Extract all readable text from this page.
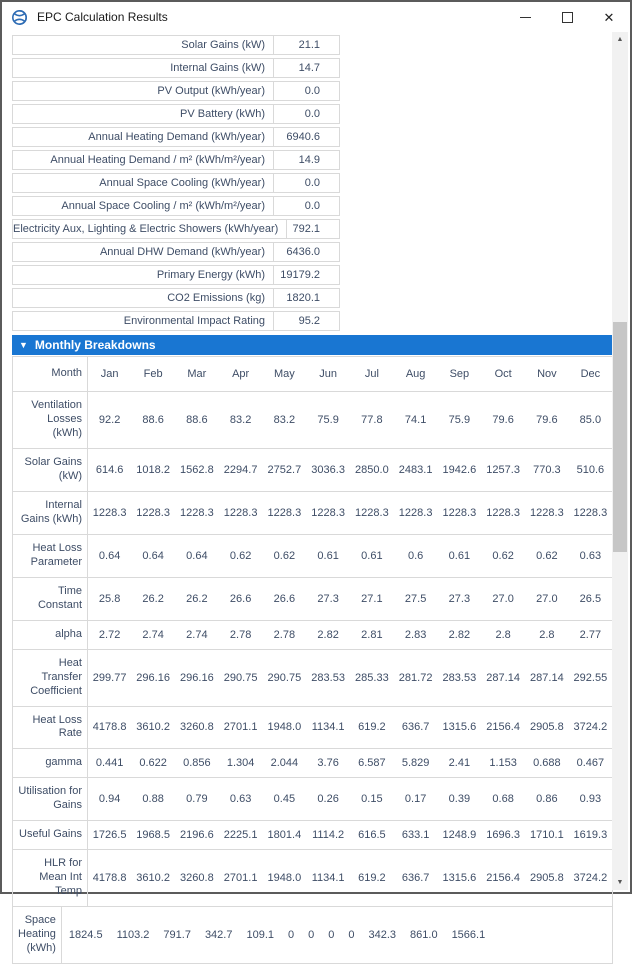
EPC Calculation Results	✕
Solar Gains (kW)	21.1
Internal Gains (kW)	14.7
PV Output (kWh/year)	0.0
PV Battery (kWh)	0.0
Annual Heating Demand (kWh/year)	6940.6
Annual Heating Demand / m² (kWh/m²/year)	14.9
Annual Space Cooling (kWh/year)	0.0
Annual Space Cooling / m² (kWh/m²/year)	0.0
Electricity Aux, Lighting & Electric Showers (kWh/year)	792.1
Annual DHW Demand (kWh/year)	6436.0
Primary Energy (kWh)	19179.2
CO2 Emissions (kg)	1820.1
Environmental Impact Rating	95.2
▼ Monthly Breakdowns
Month	Jan	Feb	Mar	Apr	May	Jun	Jul	Aug	Sep	Oct	Nov	Dec
Ventilation Losses (kWh)	92.2	88.6	88.6	83.2	83.2	75.9	77.8	74.1	75.9	79.6	79.6	85.0
Solar Gains (kW)	614.6	1018.2	1562.8	2294.7	2752.7	3036.3	2850.0	2483.1	1942.6	1257.3	770.3	510.6
Internal Gains (kWh)	1228.3	1228.3	1228.3	1228.3	1228.3	1228.3	1228.3	1228.3	1228.3	1228.3	1228.3	1228.3
Heat Loss Parameter	0.64	0.64	0.64	0.62	0.62	0.61	0.61	0.6	0.61	0.62	0.62	0.63
Time Constant	25.8	26.2	26.2	26.6	26.6	27.3	27.1	27.5	27.3	27.0	27.0	26.5
alpha	2.72	2.74	2.74	2.78	2.78	2.82	2.81	2.83	2.82	2.8	2.8	2.77
Heat Transfer Coefficient	299.77	296.16	296.16	290.75	290.75	283.53	285.33	281.72	283.53	287.14	287.14	292.55
Heat Loss Rate	4178.8	3610.2	3260.8	2701.1	1948.0	1134.1	619.2	636.7	1315.6	2156.4	2905.8	3724.2
gamma	0.441	0.622	0.856	1.304	2.044	3.76	6.587	5.829	2.41	1.153	0.688	0.467
Utilisation for Gains	0.94	0.88	0.79	0.63	0.45	0.26	0.15	0.17	0.39	0.68	0.86	0.93
Useful Gains	1726.5	1968.5	2196.6	2225.1	1801.4	1114.2	616.5	633.1	1248.9	1696.3	1710.1	1619.3
HLR for Mean Int Temp	4178.8	3610.2	3260.8	2701.1	1948.0	1134.1	619.2	636.7	1315.6	2156.4	2905.8	3724.2
Space Heating (kWh)	1824.5	1103.2	791.7	342.7	109.1	0	0	0	0	342.3	861.0	1566.1	
▲
▼
